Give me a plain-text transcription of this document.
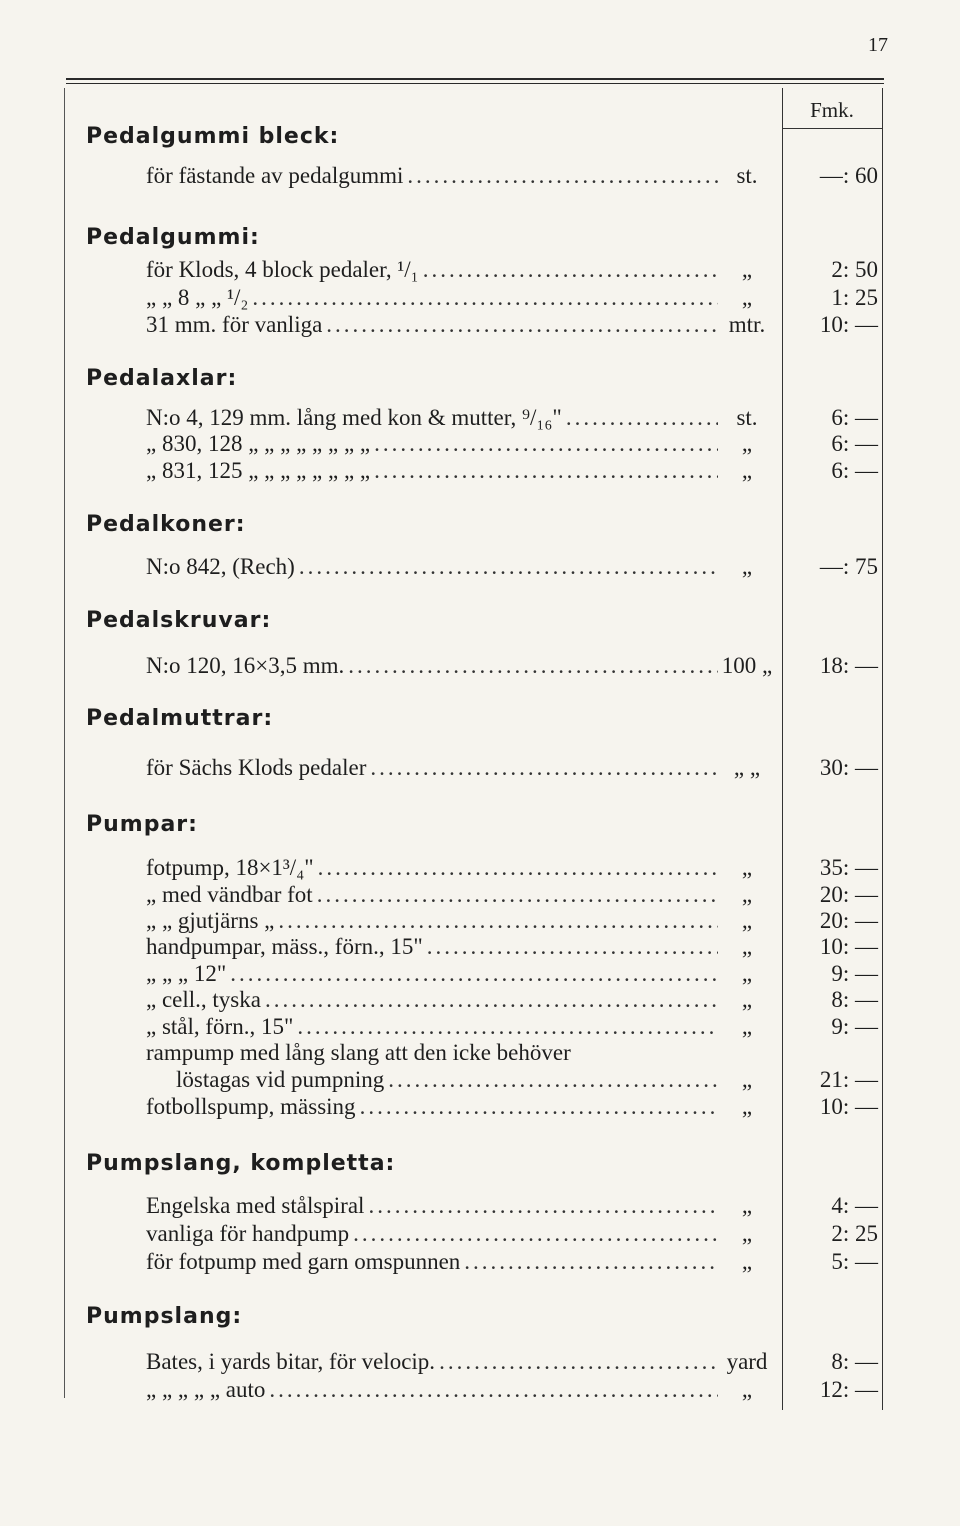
17
Fmk.
Pedalgummi bleck:
för fästande av pedalgummi .....	st.	—: 60
Pedalgummi:
för Klods, 4 block pedaler, ¹/₁ .....	„	2: 50
„ „ 8 „ „ ¹/₂ .....	„	1: 25
31 mm. för vanliga .....	mtr.	10: —
Pedalaxlar:
N:o 4, 129 mm. lång med kon & mutter, ⁹/₁₆" .....	st.	6: —
„ 830, 128 „ „ „ „ „ „ „ „ .....	„	6: —
„ 831, 125 „ „ „ „ „ „ „ „ .....	„	6: —
Pedalkoner:
N:o 842, (Rech) .....	„	—: 75
Pedalskruvar:
N:o 120, 16×3,5 mm. .....	100 „	18: —
Pedalmuttrar:
för Sächs Klods pedaler .....	„ „	30: —
Pumpar:
fotpump, 18×1³/₄" .....	„	35: —
„ med vändbar fot .....	„	20: —
„ „ gjutjärns „ .....	„	20: —
handpumpar, mäss., förn., 15" .....	„	10: —
„ „ „ 12" .....	„	9: —
„ cell., tyska .....	„	8: —
„ stål, förn., 15" .....	„	9: —
rampump med lång slang att den icke behöver
löstagas vid pumpning .....	„	21: —
fotbollspump, mässing .....	„	10: —
Pumpslang, kompletta:
Engelska med stålspiral .....	„	4: —
vanliga för handpump .....	„	2: 25
för fotpump med garn omspunnen .....	„	5: —
Pumpslang:
Bates, i yards bitar, för velocip. .....	yard	8: —
„ „ „ „ „ auto .....	„	12: —
